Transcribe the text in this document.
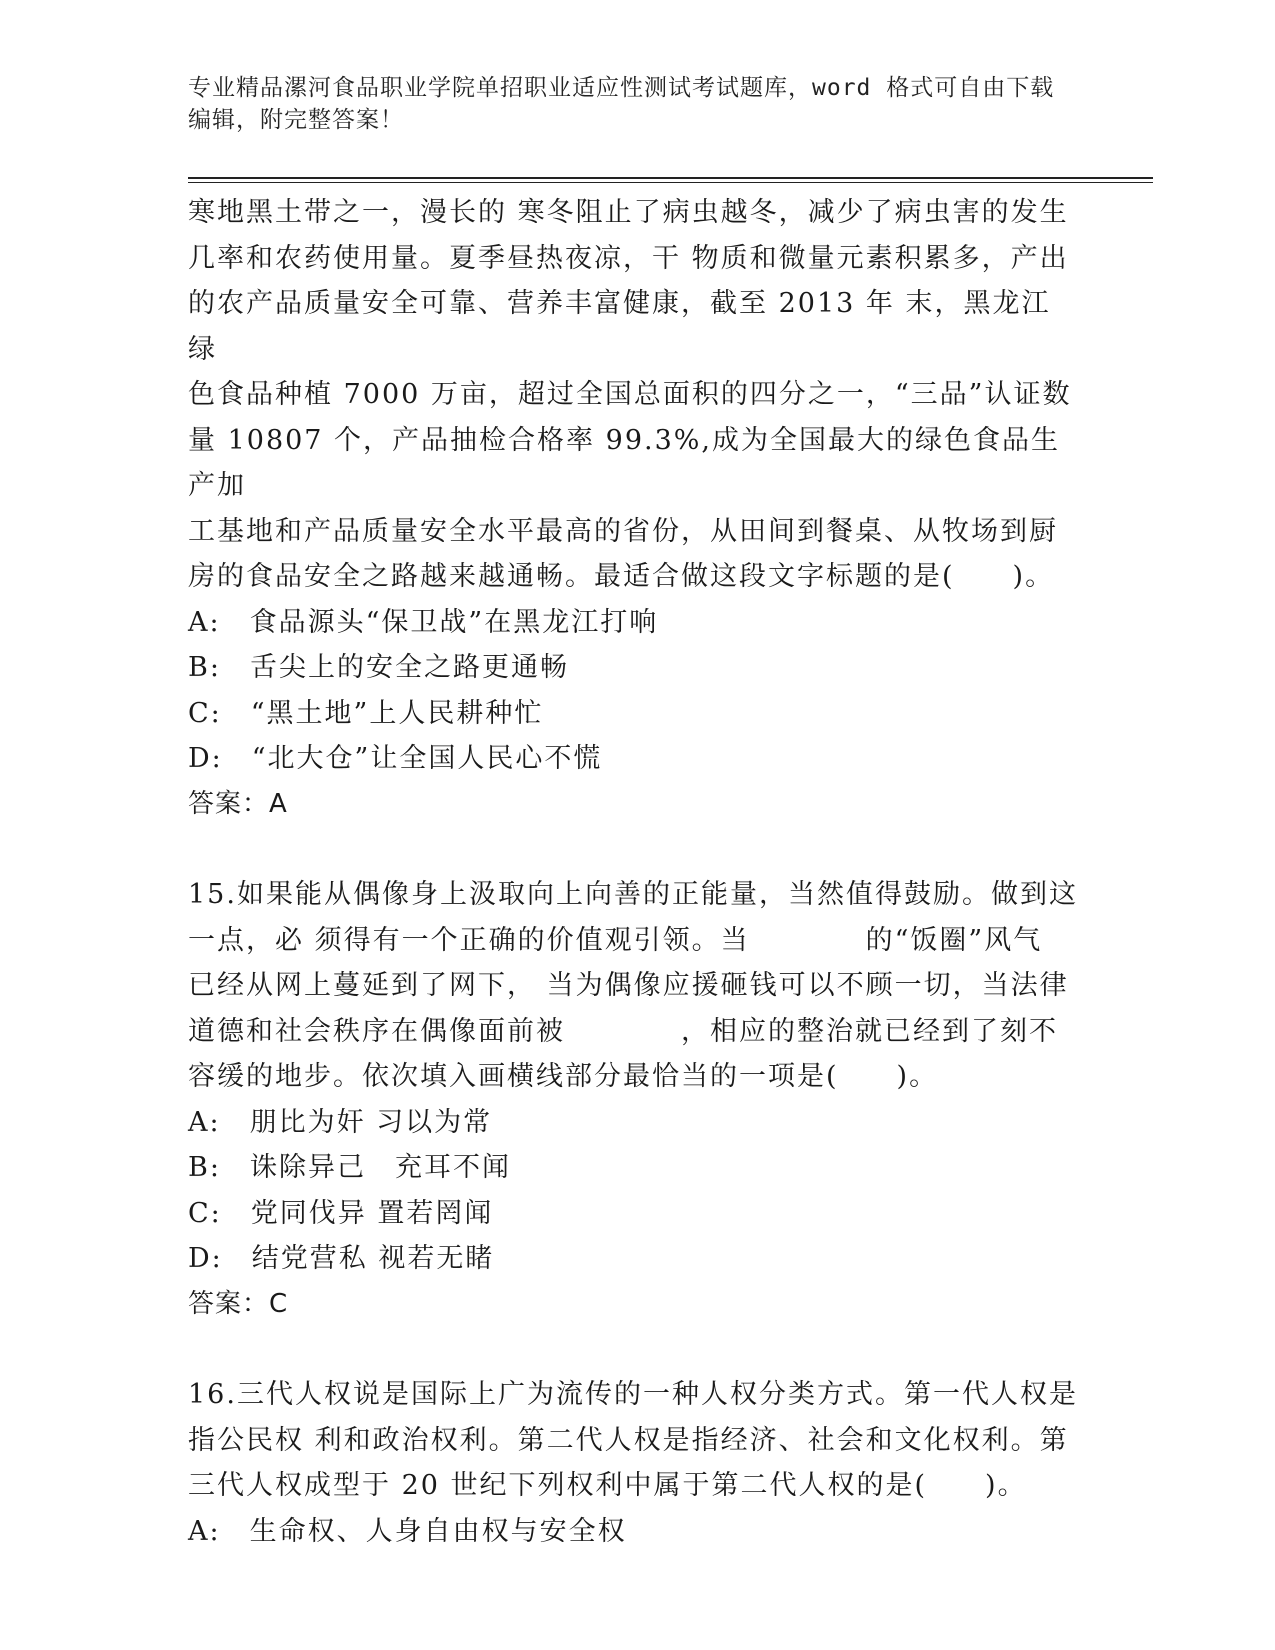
专业精品漯河食品职业学院单招职业适应性测试考试题库，word 格式可自由下载
编辑，附完整答案！

寒地黑土带之一，漫长的 寒冬阻止了病虫越冬，减少了病虫害的发生

几率和农药使用量。夏季昼热夜凉，干 物质和微量元素积累多，产出

的农产品质量安全可靠、营养丰富健康，截至 2013 年 末，黑龙江绿

色食品种植 7000 万亩，超过全国总面积的四分之一，“三品”认证数

量 10807 个，产品抽检合格率 99.3%,成为全国最大的绿色食品生产加

工基地和产品质量安全水平最高的省份，从田间到餐桌、从牧场到厨

房的食品安全之路越来越通畅。最适合做这段文字标题的是(　　)。

A:　食品源头“保卫战”在黑龙江打响

B:　舌尖上的安全之路更通畅

C:　“黑土地”上人民耕种忙

D:　“北大仓”让全国人民心不慌

答案：A

15.如果能从偶像身上汲取向上向善的正能量，当然值得鼓励。做到这

一点，必 须得有一个正确的价值观引领。当　　　　的“饭圈”风气

已经从网上蔓延到了网下， 当为偶像应援砸钱可以不顾一切，当法律

道德和社会秩序在偶像面前被　　　　，相应的整治就已经到了刻不

容缓的地步。依次填入画横线部分最恰当的一项是(　　)。

A:　朋比为奸 习以为常

B:　诛除异己　充耳不闻

C:　党同伐异 置若罔闻

D:　结党营私 视若无睹

答案：C

16.三代人权说是国际上广为流传的一种人权分类方式。第一代人权是

指公民权 利和政治权利。第二代人权是指经济、社会和文化权利。第

三代人权成型于 20 世纪下列权利中属于第二代人权的是(　　)。

A:　生命权、人身自由权与安全权
